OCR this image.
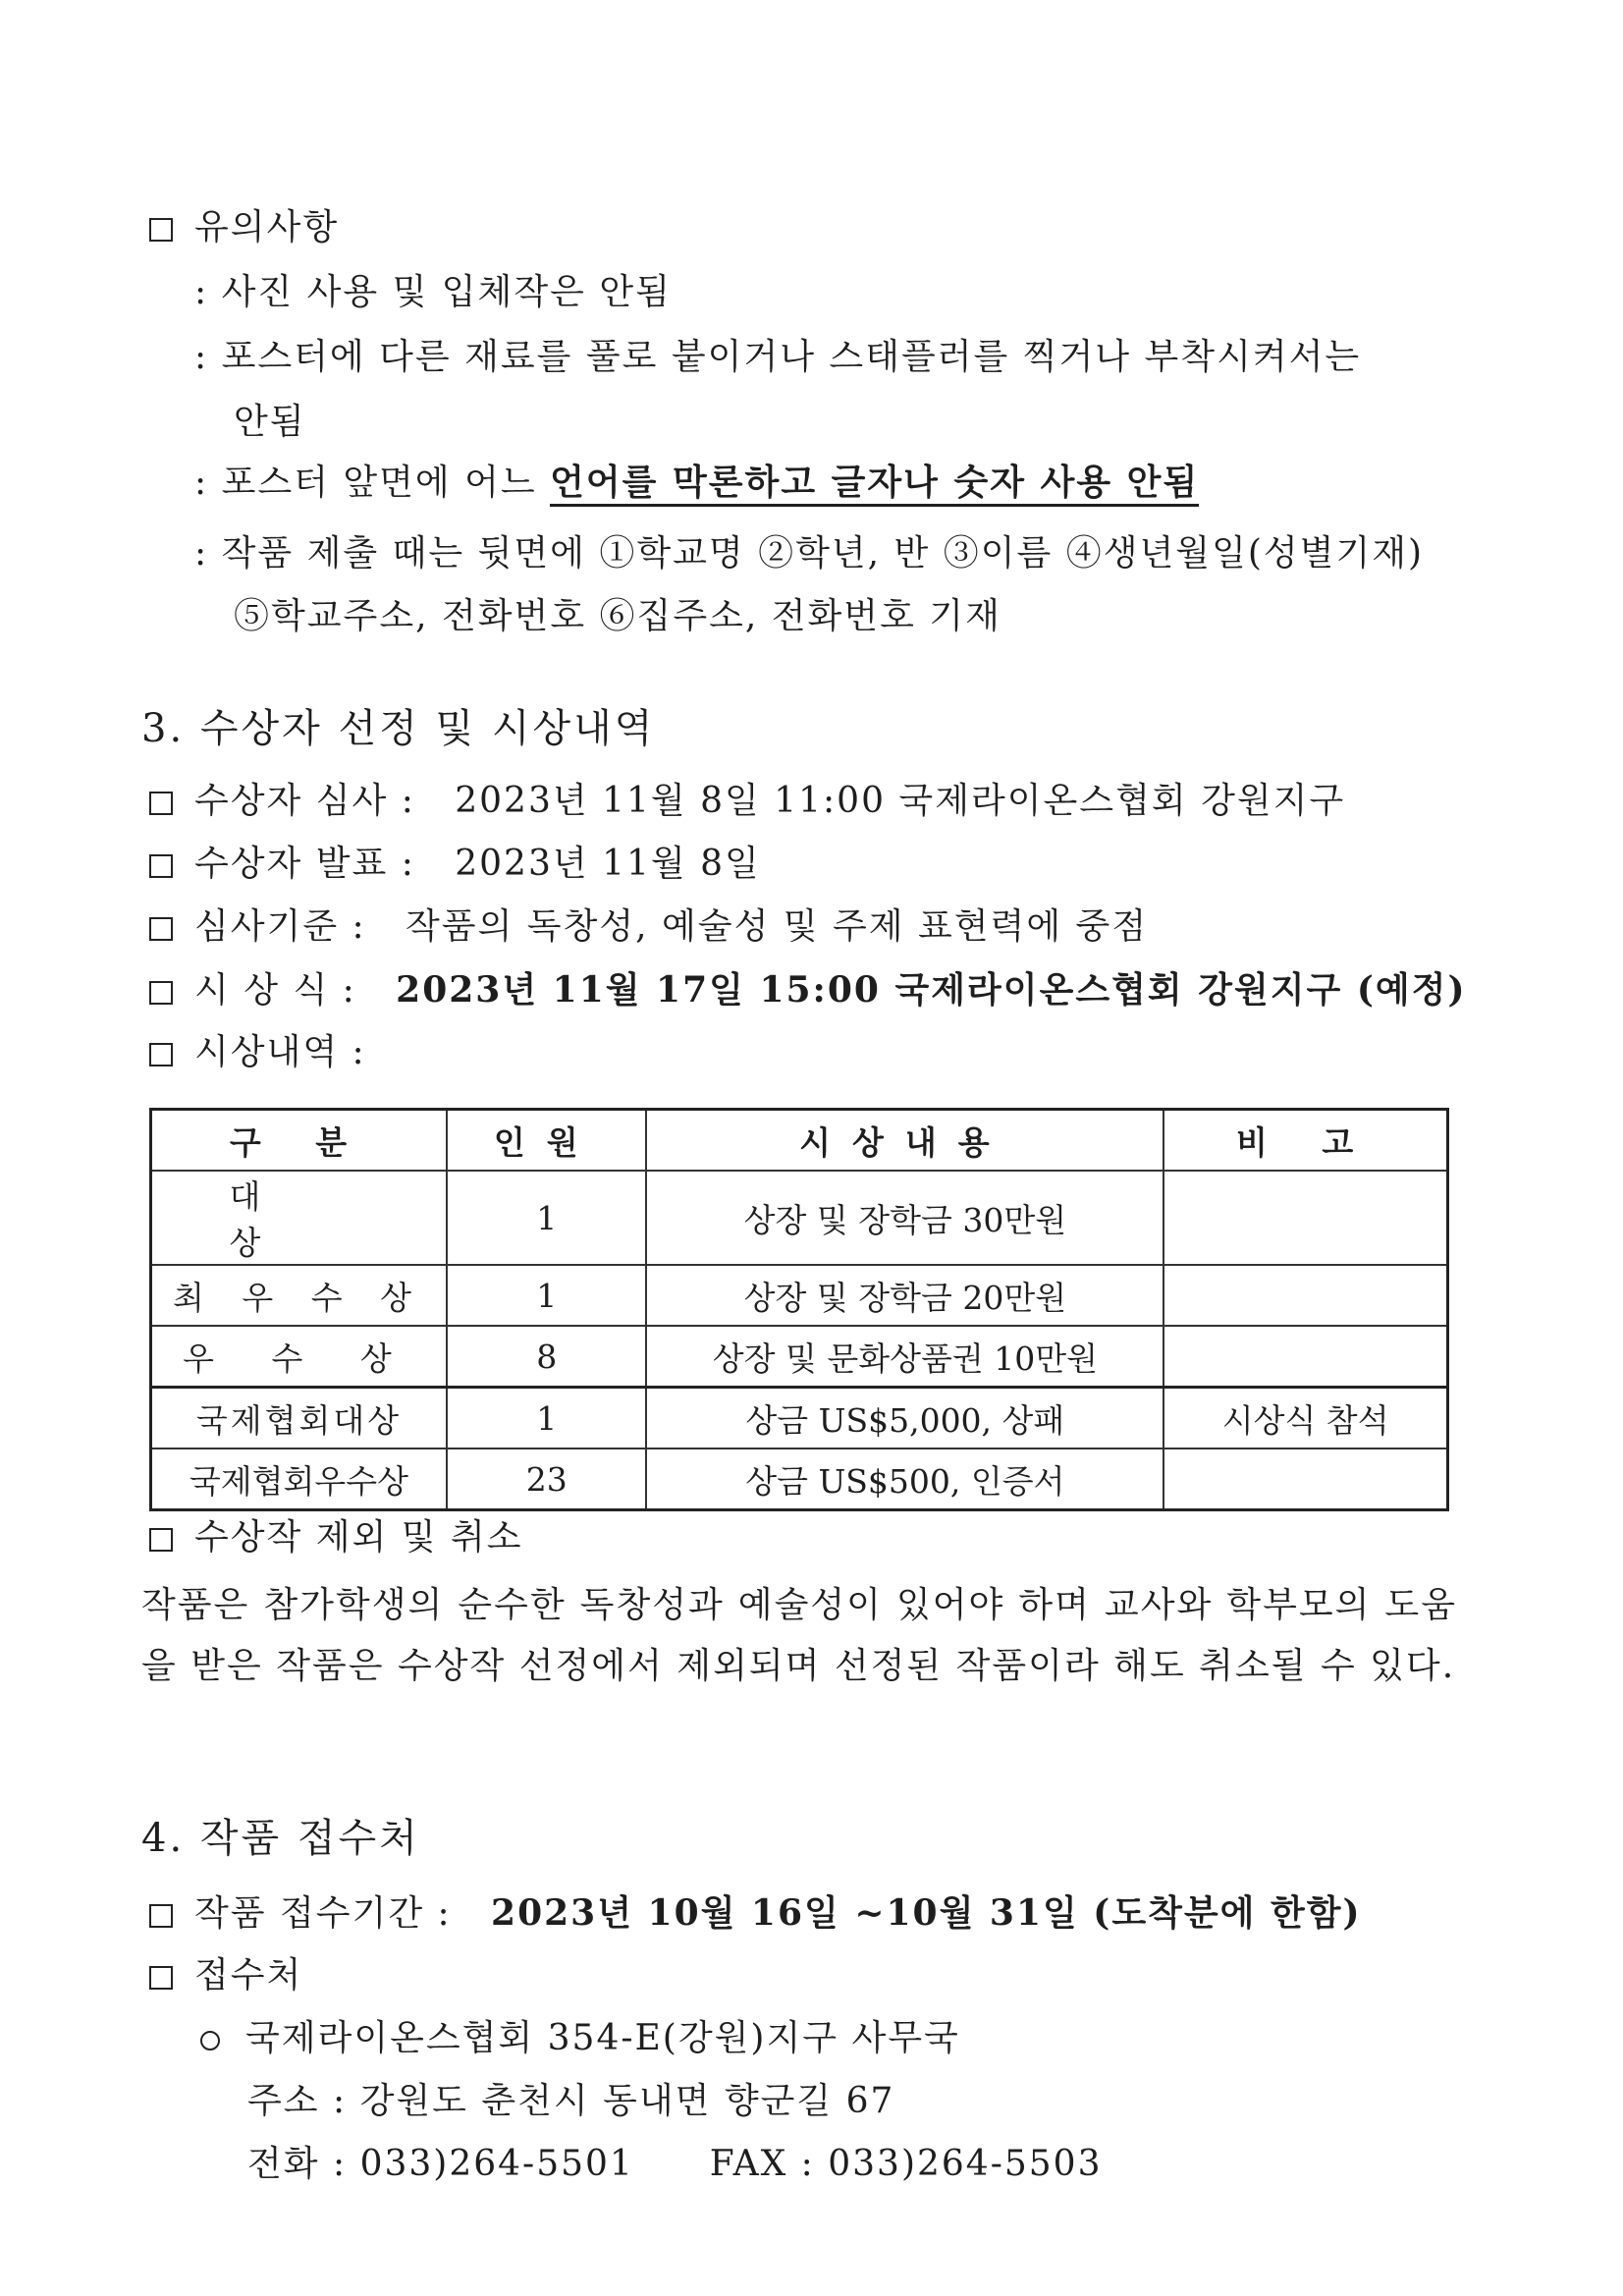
유의사항
: 사진 사용 및 입체작은 안됨
: 포스터에 다른 재료를 풀로 붙이거나 스태플러를 찍거나 부착시켜서는
안됨
: 포스터 앞면에 어느 언어를 막론하고 글자나 숫자 사용 안됨
: 작품 제출 때는 뒷면에 ①학교명 ②학년, 반 ③이름 ④생년월일(성별기재)
⑤학교주소, 전화번호 ⑥집주소, 전화번호 기재
3. 수상자 선정 및 시상내역
수상자 심사 : 2023년 11월 8일 11:00 국제라이온스협회 강원지구
수상자 발표 : 2023년 11월 8일
심사기준 : 작품의 독창성, 예술성 및 주제 표현력에 중점
시 상 식 : 2023년 11월 17일 15:00 국제라이온스협회 강원지구 (예정)
시상내역 :
구 분	인원	시상내용	비 고
대 상	1	상장 및 장학금 30만원	
최 우 수 상	1	상장 및 장학금 20만원	
우 수 상	8	상장 및 문화상품권 10만원	
국제협회대상	1	상금 US$5,000, 상패	시상식 참석
국제협회우수상	23	상금 US$500, 인증서	
수상작 제외 및 취소
작품은 참가학생의 순수한 독창성과 예술성이 있어야 하며 교사와 학부모의 도움을 받은 작품은 수상작 선정에서 제외되며 선정된 작품이라 해도 취소될 수 있다.
4. 작품 접수처
작품 접수기간 : 2023년 10월 16일 ~10월 31일 (도착분에 한함)
접수처
국제라이온스협회 354-E(강원)지구 사무국
주소 : 강원도 춘천시 동내면 향군길 67
전화 : 033)264-5501 FAX : 033)264-5503
